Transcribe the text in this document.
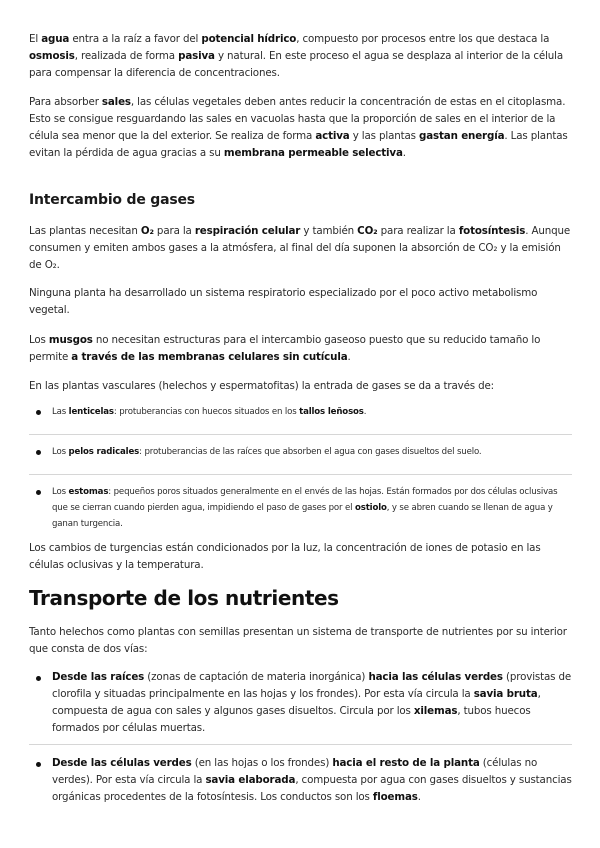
El agua entra a la raíz a favor del potencial hídrico, compuesto por procesos entre los que destaca la osmosis, realizada de forma pasiva y natural. En este proceso el agua se desplaza al interior de la célula para compensar la diferencia de concentraciones.

Para absorber sales, las células vegetales deben antes reducir la concentración de estas en el citoplasma. Esto se consigue resguardando las sales en vacuolas hasta que la proporción de sales en el interior de la célula sea menor que la del exterior. Se realiza de forma activa y las plantas gastan energía. Las plantas evitan la pérdida de agua gracias a su membrana permeable selectiva.

Intercambio de gases

Las plantas necesitan O₂ para la respiración celular y también CO₂ para realizar la fotosíntesis. Aunque consumen y emiten ambos gases a la atmósfera, al final del día suponen la absorción de CO₂ y la emisión de O₂.

Ninguna planta ha desarrollado un sistema respiratorio especializado por el poco activo metabolismo vegetal.

Los musgos no necesitan estructuras para el intercambio gaseoso puesto que su reducido tamaño lo permite a través de las membranas celulares sin cutícula.

En las plantas vasculares (helechos y espermatofitas) la entrada de gases se da a través de:

Las lenticelas: protuberancias con huecos situados en los tallos leñosos.

Los pelos radicales: protuberancias de las raíces que absorben el agua con gases disueltos del suelo.

Los estomas: pequeños poros situados generalmente en el envés de las hojas. Están formados por dos células oclusivas que se cierran cuando pierden agua, impidiendo el paso de gases por el ostiolo, y se abren cuando se llenan de agua y ganan turgencia.

Los cambios de turgencias están condicionados por la luz, la concentración de iones de potasio en las células oclusivas y la temperatura.

Transporte de los nutrientes

Tanto helechos como plantas con semillas presentan un sistema de transporte de nutrientes por su interior que consta de dos vías:

Desde las raíces (zonas de captación de materia inorgánica) hacia las células verdes (provistas de clorofila y situadas principalmente en las hojas y los frondes). Por esta vía circula la savia bruta, compuesta de agua con sales y algunos gases disueltos. Circula por los xilemas, tubos huecos formados por células muertas.

Desde las células verdes (en las hojas o los frondes) hacia el resto de la planta (células no verdes). Por esta vía circula la savia elaborada, compuesta por agua con gases disueltos y sustancias orgánicas procedentes de la fotosíntesis. Los conductos son los floemas.
